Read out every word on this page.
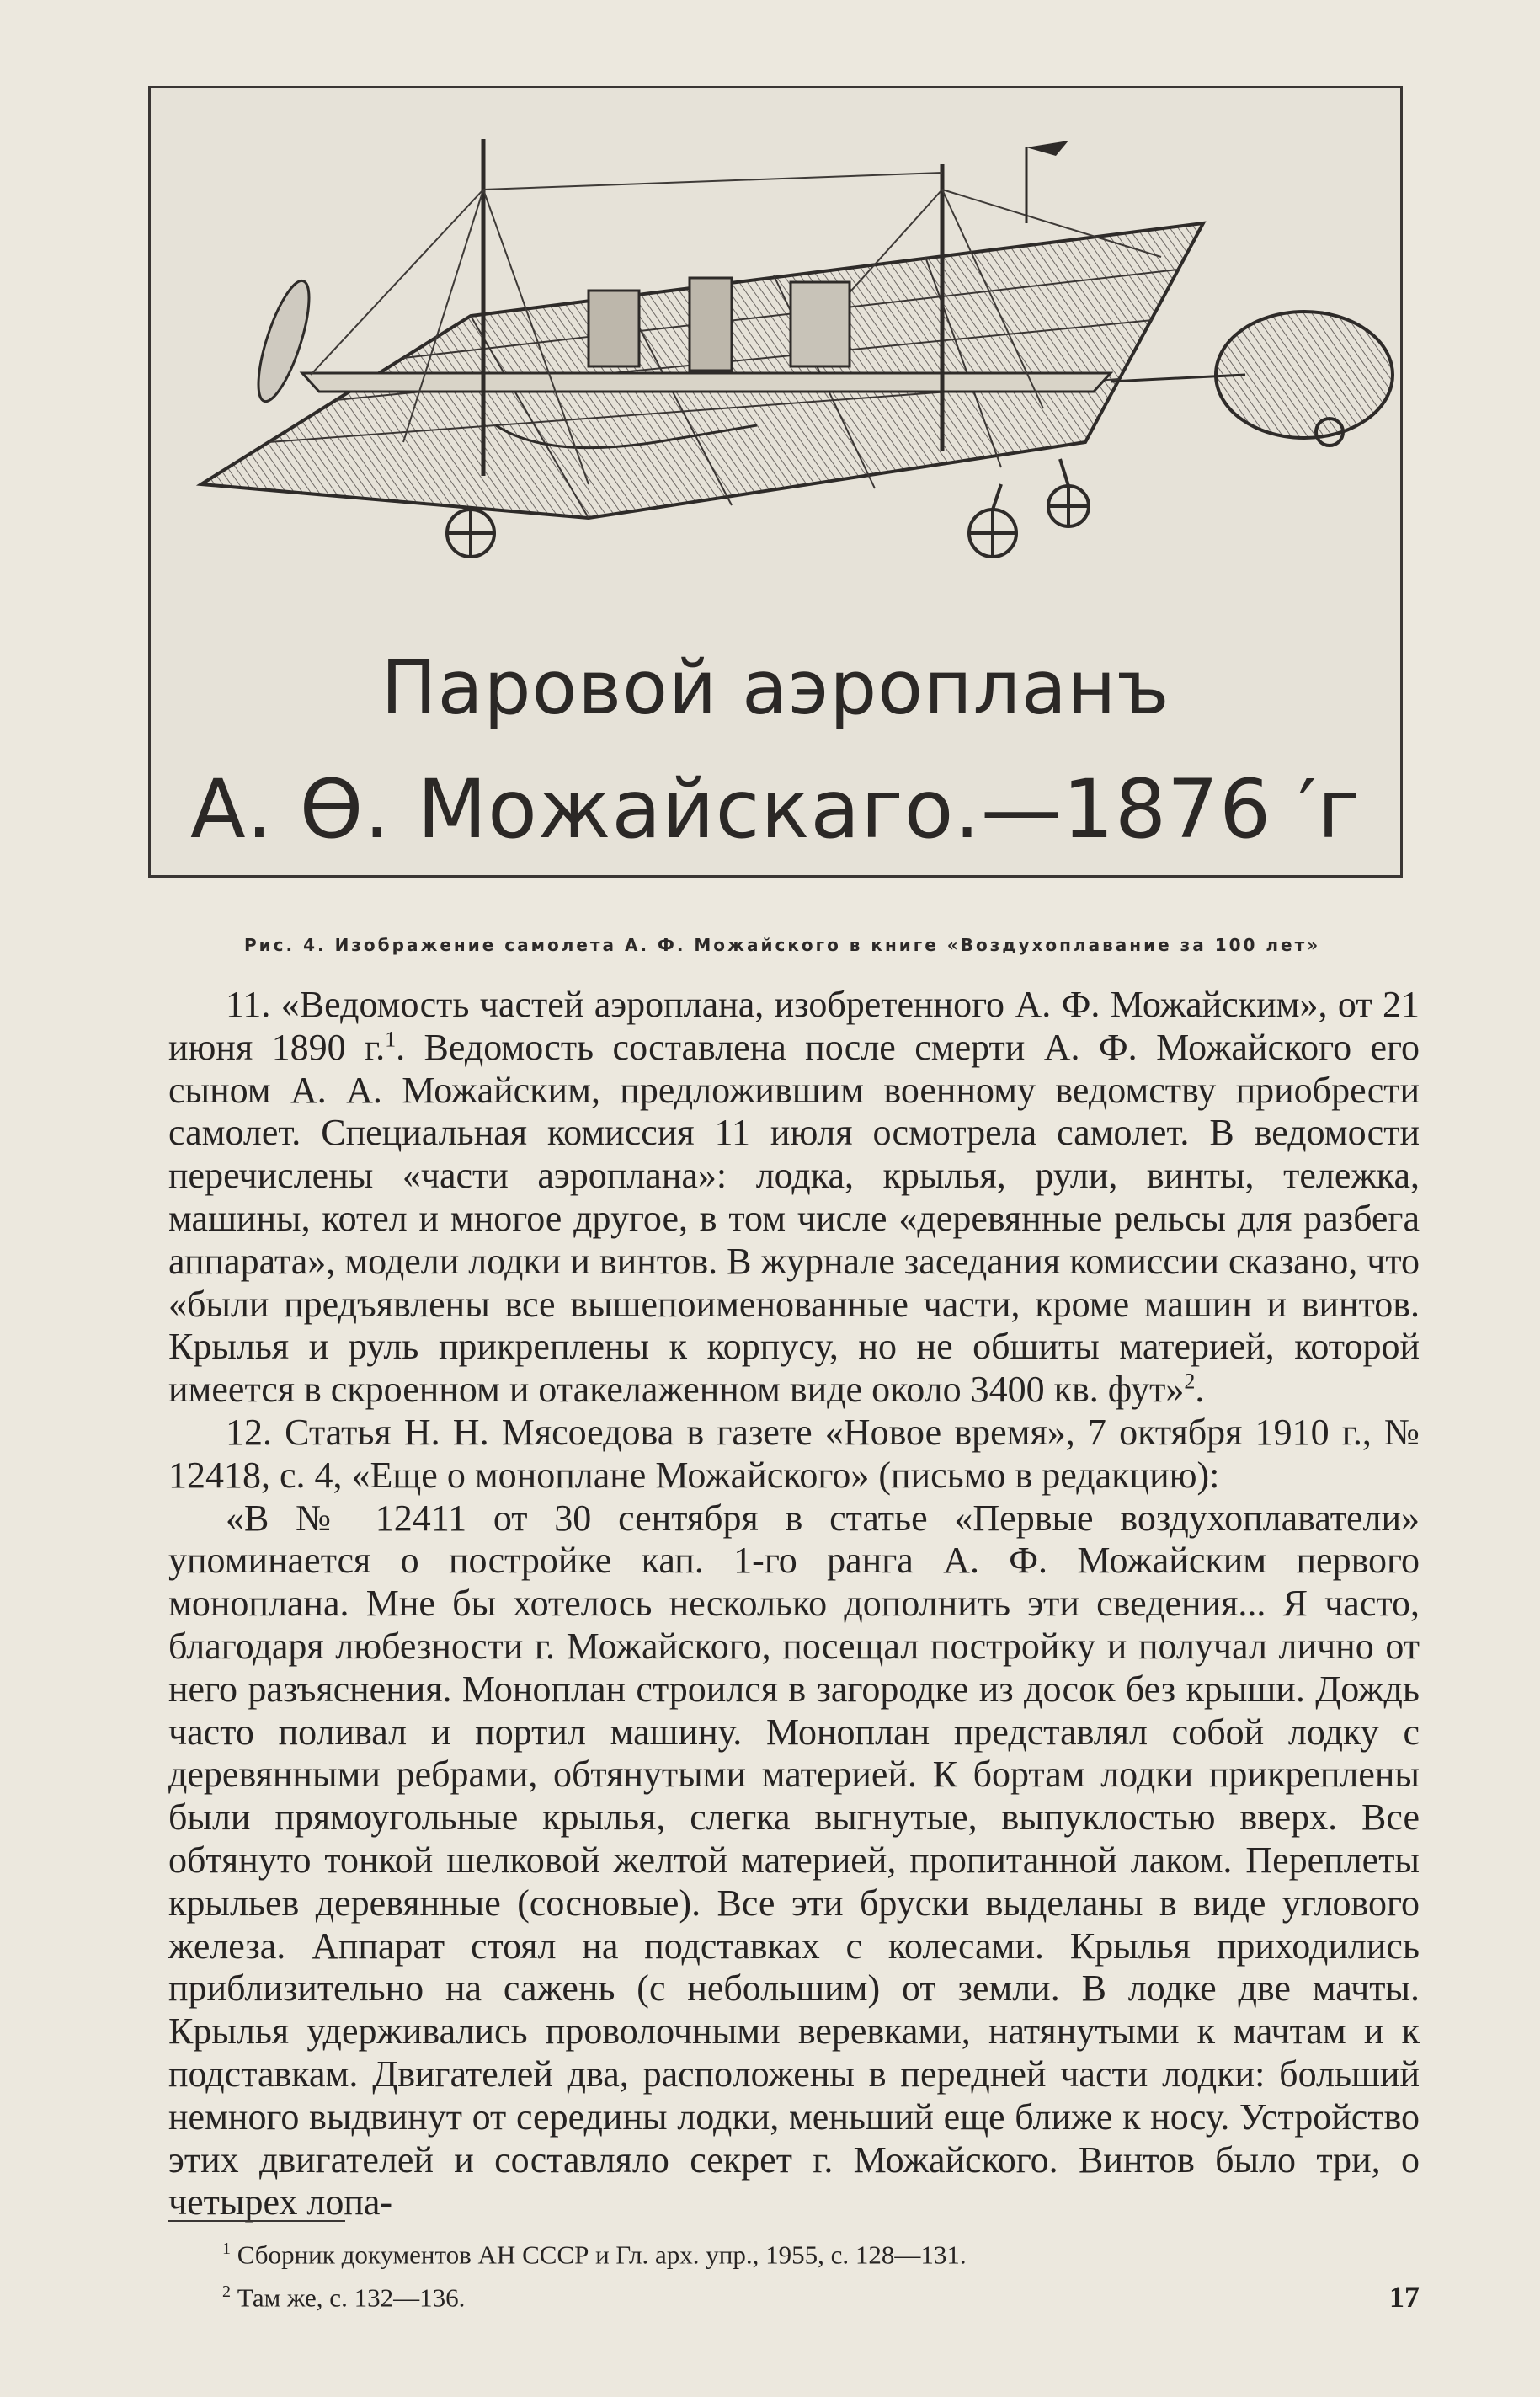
Паровой аэропланъ
А. Ѳ. Можайскаго.—1876 ′г
Рис. 4. Изображение самолета А. Ф. Можайского в книге «Воздухоплавание за 100 лет»

11. «Ведомость частей аэроплана, изобретенного А. Ф. Можайским», от 21 июня 1890 г.$^1$. Ведомость составлена после смерти А. Ф. Можайского его сыном А. А. Можайским, предложившим военному ведомству приобрести самолет. Специальная комиссия 11 июля осмотрела самолет. В ведомости перечислены «части аэроплана»: лодка, крылья, рули, винты, тележка, машины, котел и многое другое, в том числе «деревянные рельсы для разбега аппарата», модели лодки и винтов. В журнале заседания комиссии сказано, что «были предъявлены все вышепоименованные части, кроме машин и винтов. Крылья и руль прикреплены к корпусу, но не обшиты материей, которой имеется в скроенном и отакелаженном виде около 3400 кв. фут»$^2$.

12. Статья Н. Н. Мясоедова в газете «Новое время», 7 октября 1910 г., № 12418, с. 4, «Еще о моноплане Можайского» (письмо в редакцию):

«В № 12411 от 30 сентября в статье «Первые воздухоплаватели» упоминается о постройке кап. 1-го ранга А. Ф. Можайским первого моноплана. Мне бы хотелось несколько дополнить эти сведения... Я часто, благодаря любезности г. Можайского, посещал постройку и получал лично от него разъяснения. Моноплан строился в загородке из досок без крыши. Дождь часто поливал и портил машину. Моноплан представлял собой лодку с деревянными ребрами, обтянутыми материей. К бортам лодки прикреплены были прямоугольные крылья, слегка выгнутые, выпуклостью вверх. Все обтянуто тонкой шелковой желтой материей, пропитанной лаком. Переплеты крыльев деревянные (сосновые). Все эти бруски выделаны в виде углового железа. Аппарат стоял на подставках с колесами. Крылья приходились приблизительно на сажень (с небольшим) от земли. В лодке две мачты. Крылья удерживались проволочными веревками, натянутыми к мачтам и к подставкам. Двигателей два, расположены в передней части лодки: больший немного выдвинут от середины лодки, меньший еще ближе к носу. Устройство этих двигателей и составляло секрет г. Можайского. Винтов было три, о четырех лопа-

$^1$ Сборник документов АН СССР и Гл. арх. упр., 1955, с. 128—131.
$^2$ Там же, с. 132—136.	17
